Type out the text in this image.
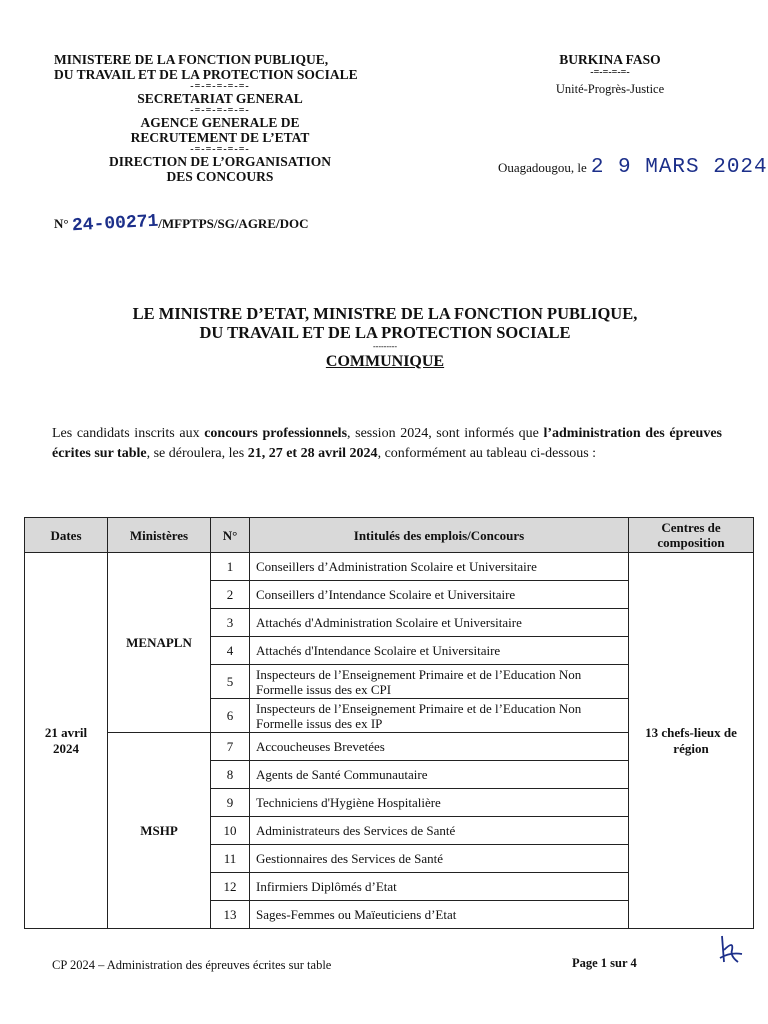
MINISTERE DE LA FONCTION PUBLIQUE,
DU TRAVAIL ET DE LA PROTECTION SOCIALE
-=-=-=-=-=-
SECRETARIAT GENERAL
-=-=-=-=-=-
AGENCE GENERALE DE
RECRUTEMENT DE L’ETAT
-=-=-=-=-=-
DIRECTION DE L’ORGANISATION
DES CONCOURS
N° 24-00271/MFPTPS/SG/AGRE/DOC
BURKINA FASO
-=-=-=-=-
Unité-Progrès-Justice
Ouagadougou, le 2 9 MARS 2024
LE MINISTRE D’ETAT, MINISTRE DE LA FONCTION PUBLIQUE,
DU TRAVAIL ET DE LA PROTECTION SOCIALE
---------
COMMUNIQUE
Les candidats inscrits aux concours professionnels, session 2024, sont informés que l’administration des épreuves écrites sur table, se déroulera, les 21, 27 et 28 avril 2024, conformément au tableau ci-dessous :
Dates	Ministères	N°	Intitulés des emplois/Concours	Centres de composition
21 avril 2024	MENAPLN	1	Conseillers d’Administration Scolaire et Universitaire	13 chefs-lieux de région
		2	Conseillers d’Intendance Scolaire et Universitaire	
		3	Attachés d'Administration Scolaire et Universitaire	
		4	Attachés d'Intendance Scolaire et Universitaire	
		5	Inspecteurs de l’Enseignement Primaire et de l’Education Non Formelle issus des ex CPI	
		6	Inspecteurs de l’Enseignement Primaire et de l’Education Non Formelle issus des ex IP	
	MSHP	7	Accoucheuses Brevetées	
		8	Agents de Santé Communautaire	
		9	Techniciens d'Hygiène Hospitalière	
		10	Administrateurs des Services de Santé	
		11	Gestionnaires des Services de Santé	
		12	Infirmiers Diplômés d’Etat	
		13	Sages-Femmes ou Maïeuticiens d’Etat	
CP 2024 – Administration des épreuves écrites sur table	Page 1 sur 4
